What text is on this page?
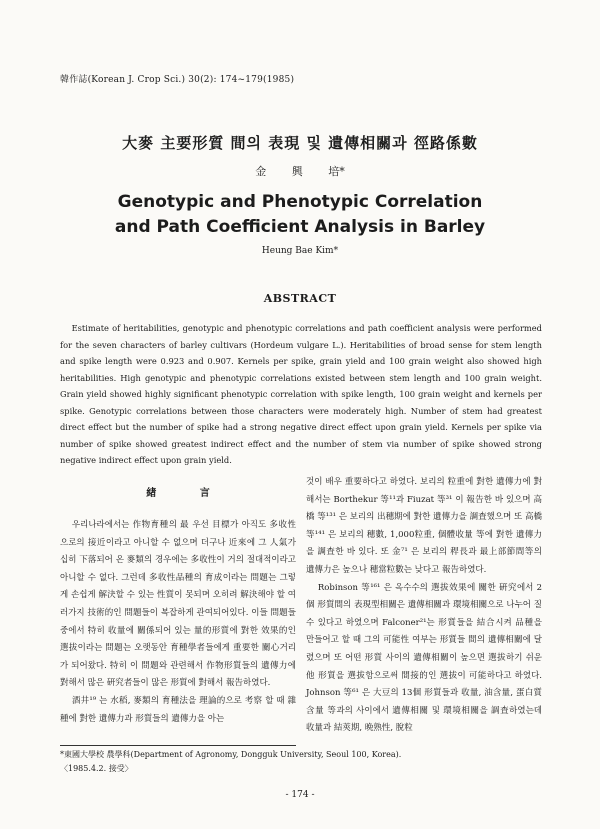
韓作誌(Korean J. Crop Sci.) 30(2): 174~179(1985)
大麥 主要形質 間의 表現 및 遺傳相關과 徑路係數
金 興 培*
Genotypic and Phenotypic Correlation
and Path Coefficient Analysis in Barley
Heung Bae Kim*
ABSTRACT
Estimate of heritabilities, genotypic and phenotypic correlations and path coefficient analysis were performed for the seven characters of barley cultivars (Hordeum vulgare L.). Heritabilities of broad sense for stem length and spike length were 0.923 and 0.907. Kernels per spike, grain yield and 100 grain weight also showed high heritabilities. High genotypic and phenotypic correlations existed between stem length and 100 grain weight. Grain yield showed highly significant phenotypic correlation with spike length, 100 grain weight and kernels per spike. Genotypic correlations between those characters were moderately high. Number of stem had greatest direct effect but the number of spike had a strong negative direct effect upon grain yield. Kernels per spike via number of spike showed greatest indirect effect and the number of stem via number of spike showed strong negative indirect effect upon grain yield.
緖 言

우리나라에서는 作物育種의 最 우선 目標가 아직도 多收性으로의 接近이라고 아니할 수 없으며 더구나 近來에 그 人氣가 십히 下落되어 온 麥類의 경우에는 多收性이 거의 절대적이라고 아니할 수 없다. 그런데 多收性品種의 育成이라는 問題는 그렇게 손쉽게 解決할 수 있는 性質이 못되며 오히려 解決해야 할 여러가지 技術的인 問題들이 복잡하게 관여되어있다. 이들 問題들 중에서 特히 收量에 關係되어 있는 量的形質에 對한 效果的인 選拔이라는 問題는 오랫동안 育種學者들에게 重要한 關心거리가 되어왔다. 特히 이 問題와 관련해서 作物形質들의 遺傳力에 對해서 많은 硏究者들이 많은 形質에 對해서 報告하였다.

酒井¹⁹ 는 水稻, 麥類의 育種法을 理論的으로 考察 할 때 雜種에 對한 遺傳力과 形質들의 遺傳力을 아는

것이 배우 重要하다고 하였다. 보리의 粒重에 對한 遺傳力에 對해서는 Borthekur 等¹¹과 Fiuzat 等³¹ 이 報告한 바 있으며 高橋 等¹³¹ 은 보리의 出穗期에 對한 遺傳力을 調査했으며 또 高橋 等¹⁴¹ 은 보리의 穗數, 1,000粒重, 個體收量 等에 對한 遺傳力을 調査한 바 있다. 또 金⁷¹ 은 보리의 稈長과 最上部節間等의 遺傳力은 높으나 穗當粒數는 낮다고 報告하였다.

Robinson 等¹⁶¹ 은 옥수수의 選拔效果에 關한 硏究에서 2個 形質間의 表現型相關은 遺傳相關과 環境相關으로 나누어 질 수 있다고 하였으며 Falconer²¹는 形質들을 結合시켜 品種을 만들어고 할 때 그의 可能性 여부는 形質들 間의 遺傳相關에 달렸으며 또 어떤 形質 사이의 遺傳相關이 높으면 選拔하기 쉬운 他 形質을 選拔함으로써 間接的인 選拔이 可能하다고 하였다. Johnson 等⁶¹ 은 大豆의 13個 形質들과 收量, 油含量, 蛋白質含量 等과의 사이에서 遺傳相關 및 環境相關을 調査하였는데 收量과 結莢期, 晩熟性, 脫粒

*東國大學校 農學科(Department of Agronomy, Dongguk University, Seoul 100, Korea).
〈1985.4.2. 接受〉
- 174 -
